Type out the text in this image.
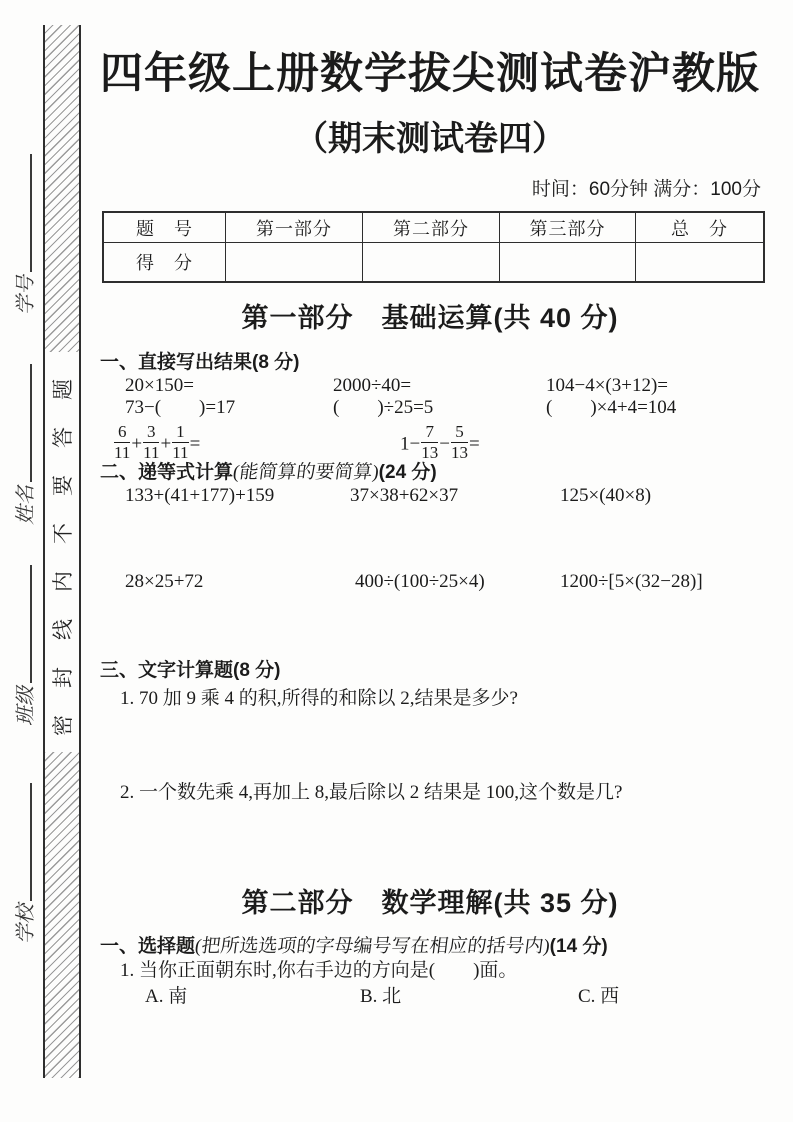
学号
姓名
班级
学校
密封线内不要答题
四年级上册数学拔尖测试卷沪教版
（期末测试卷四）
时间：60分钟 满分：100分
题　号	第一部分	第二部分	第三部分	总　分
得　分
第一部分　基础运算(共 40 分)
一、直接写出结果(8 分)
20×150=	2000÷40=	104−4×(3+12)=
73−(　　)=17	(　　)÷25=5	(　　)×4+4=104
$\frac{6}{11} + \frac{3}{11} + \frac{1}{11}$ =	$1- \frac{7}{13} - \frac{5}{13}$ =
二、递等式计算(能简算的要简算)(24 分)
133+(41+177)+159	37×38+62×37	125×(40×8)
28×25+72	400÷(100÷25×4)	1200÷[5×(32−28)]
三、文字计算题(8 分)
1. 70 加 9 乘 4 的积,所得的和除以 2,结果是多少?
2. 一个数先乘 4,再加上 8,最后除以 2 结果是 100,这个数是几?
第二部分　数学理解(共 35 分)
一、选择题(把所选选项的字母编号写在相应的括号内)(14 分)
1. 当你正面朝东时,你右手边的方向是(　　)面。
A. 南	B. 北	C. 西
